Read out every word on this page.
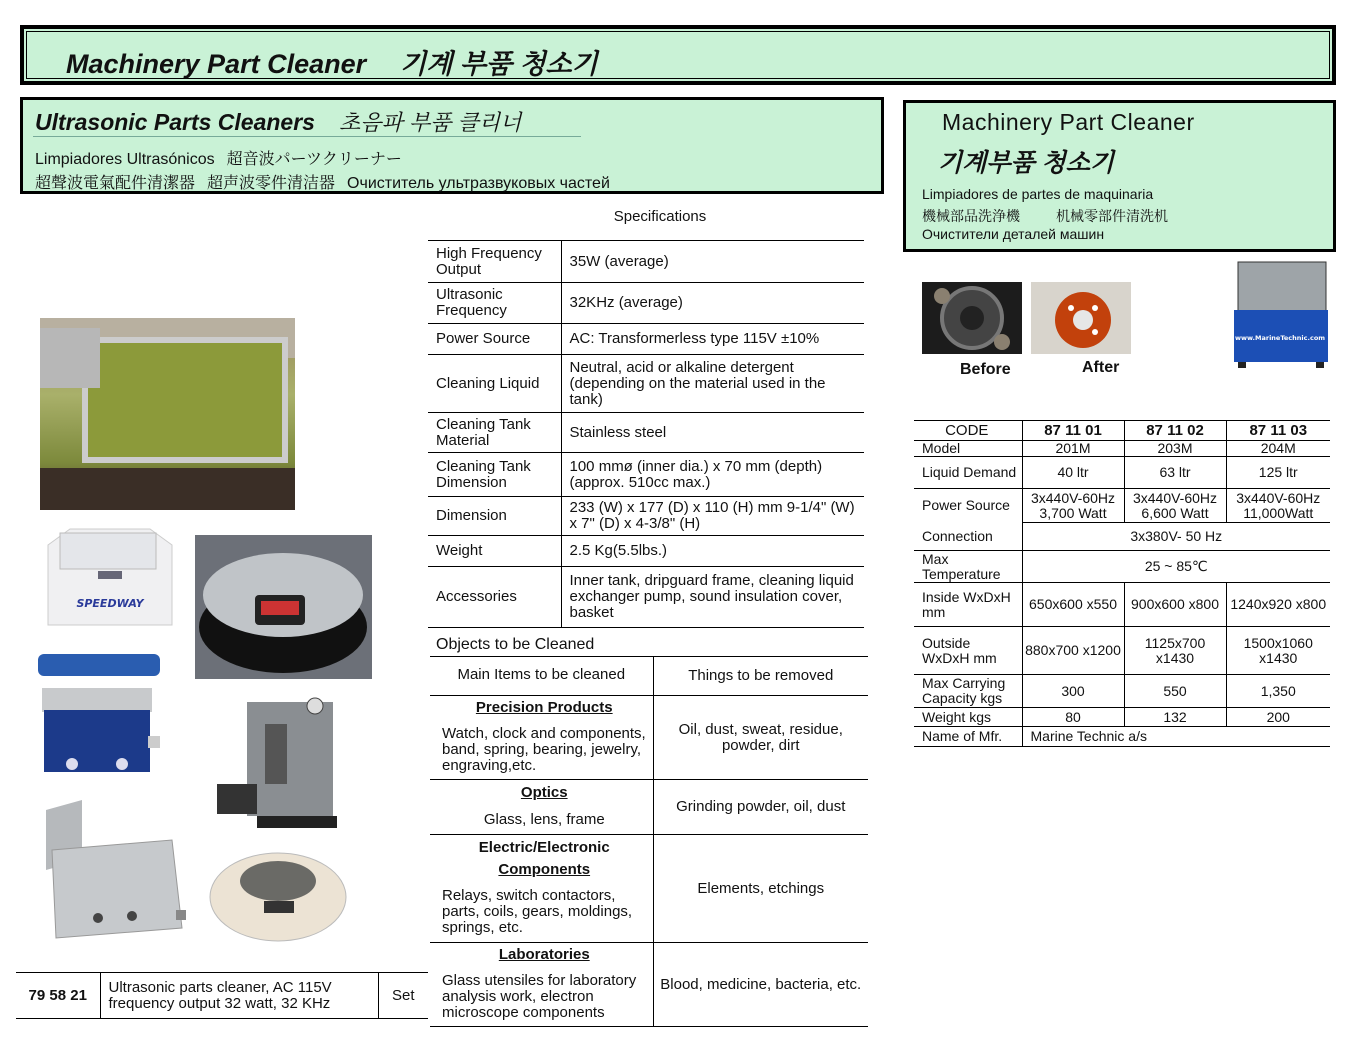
Machinery Part Cleaner 기계 부품 청소기
Ultrasonic Parts Cleaners 초음파 부품 클리너
Limpiadores Ultrasónicos 超音波パーツクリーナー
超聲波電氣配件清潔器 超声波零件清洁器 Очиститель ультразвуковых частей
Machinery Part Cleaner
기계부품 청소기
Limpiadores de partes de maquinaria
機械部品洗浄機	机械零部件清洗机
Очистители деталей машин
SPEEDWAY
Before	After
www.MarineTechnic.com
Specifications
High Frequency Output	35W (average)
Ultrasonic Frequency	32KHz (average)
Power Source	AC: Transformerless type 115V ±10%
Cleaning Liquid	Neutral, acid or alkaline detergent (depending on the material used in the tank)
Cleaning Tank Material	Stainless steel
Cleaning Tank Dimension	100 mmø (inner dia.) x 70 mm (depth) (approx. 510cc max.)
Dimension	233 (W) x 177 (D) x 110 (H) mm 9-1/4" (W) x 7" (D) x 4-3/8" (H)
Weight	2.5 Kg(5.5lbs.)
Accessories	Inner tank, dripguard frame, cleaning liquid exchanger pump, sound insulation cover, basket
Objects to be Cleaned
Main Items to be cleaned	Things to be removed

Precision Products
Watch, clock and components, band, spring, bearing, jewelry, engraving,etc.	Oil, dust, sweat, residue, powder, dirt

Optics
Glass, lens, frame	Grinding powder, oil, dust

Electric/Electronic
Components
Relays, switch contactors, parts, coils, gears, moldings, springs, etc.	Elements, etchings

Laboratories
Glass utensiles for laboratory analysis work, electron microscope components	Blood, medicine, bacteria, etc.
79 58 21	Ultrasonic parts cleaner, AC 115V frequency output 32 watt, 32 KHz	Set
CODE	87 11 01	87 11 02	87 11 03
Model	201M	203M	204M
Liquid Demand	40 ltr	63 ltr	125 ltr
Power Source	3x440V-60Hz 3,700 Watt	3x440V-60Hz 6,600 Watt	3x440V-60Hz 11,000Watt
Connection	3x380V- 50 Hz		
Max Temperature	25 ~ 85℃		
Inside WxDxH mm	650x600 x550	900x600 x800	1240x920 x800
Outside WxDxH mm	880x700 x1200	1125x700 x1430	1500x1060 x1430
Max Carrying Capacity kgs	300	550	1,350
Weight kgs	80	132	200
Name of Mfr.	Marine Technic a/s		
